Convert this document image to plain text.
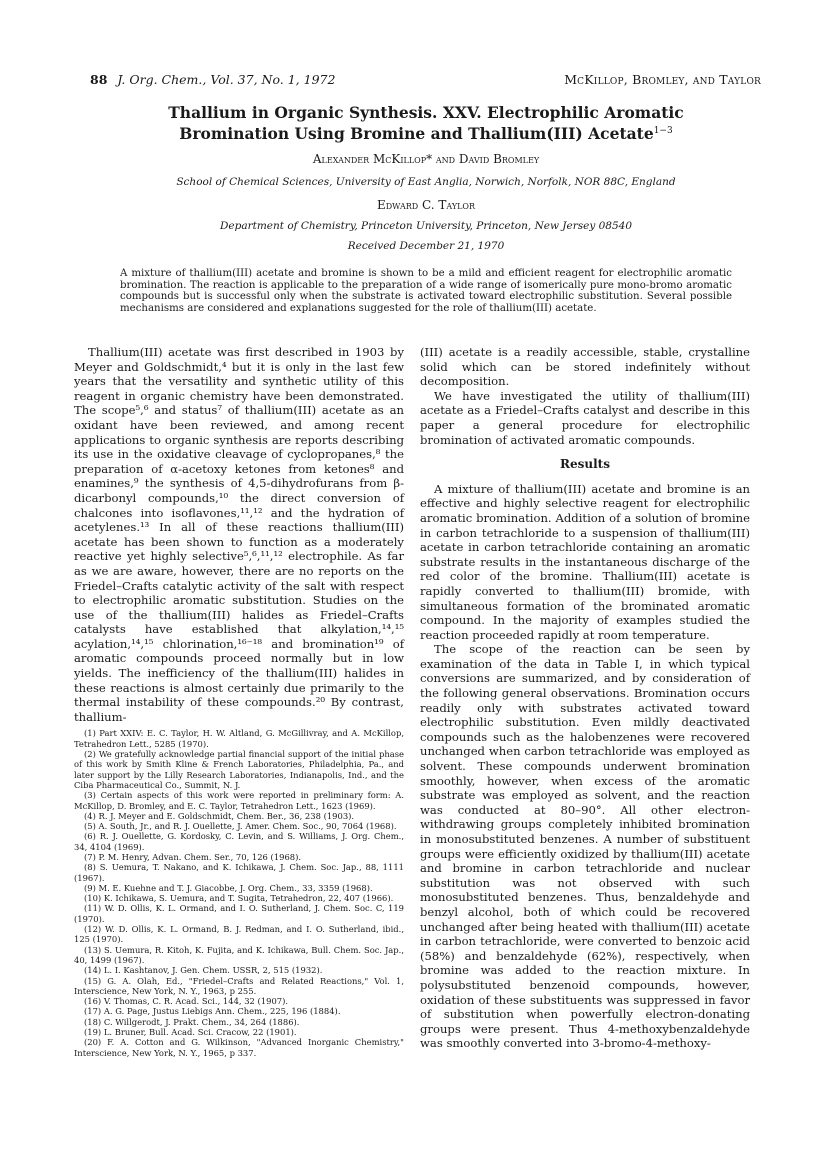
88 J. Org. Chem., Vol. 37, No. 1, 1972	McKillop, Bromley, and Taylor
Thallium in Organic Synthesis. XXV. Electrophilic Aromatic
Bromination Using Bromine and Thallium(III) Acetate$^{1-3}$
Alexander McKillop* and David Bromley
School of Chemical Sciences, University of East Anglia, Norwich, Norfolk, NOR 88C, England
Edward C. Taylor
Department of Chemistry, Princeton University, Princeton, New Jersey 08540
Received December 21, 1970
A mixture of thallium(III) acetate and bromine is shown to be a mild and efficient reagent for electrophilic aromatic bromination. The reaction is applicable to the preparation of a wide range of isomerically pure mono-bromo aromatic compounds but is successful only when the substrate is activated toward electrophilic substitution. Several possible mechanisms are considered and explanations suggested for the role of thallium(III) acetate.

Thallium(III) acetate was first described in 1903 by Meyer and Goldschmidt,⁴ but it is only in the last few years that the versatility and synthetic utility of this reagent in organic chemistry have been demonstrated. The scope⁵,⁶ and status⁷ of thallium(III) acetate as an oxidant have been reviewed, and among recent applications to organic synthesis are reports describing its use in the oxidative cleavage of cyclopropanes,⁸ the preparation of α-acetoxy ketones from ketones⁸ and enamines,⁹ the synthesis of 4,5-dihydrofurans from β-dicarbonyl compounds,¹⁰ the direct conversion of chalcones into isoflavones,¹¹,¹² and the hydration of acetylenes.¹³ In all of these reactions thallium(III) acetate has been shown to function as a moderately reactive yet highly selective⁵,⁶,¹¹,¹² electrophile. As far as we are aware, however, there are no reports on the Friedel–Crafts catalytic activity of the salt with respect to electrophilic aromatic substitution. Studies on the use of the thallium(III) halides as Friedel–Crafts catalysts have established that alkylation,¹⁴,¹⁵ acylation,¹⁴,¹⁵ chlorination,¹⁶⁻¹⁸ and bromination¹⁹ of aromatic compounds proceed normally but in low yields. The inefficiency of the thallium(III) halides in these reactions is almost certainly due primarily to the thermal instability of these compounds.²⁰ By contrast, thallium-

(1) Part XXIV: E. C. Taylor, H. W. Altland, G. McGillivray, and A. McKillop, Tetrahedron Lett., 5285 (1970).
(2) We gratefully acknowledge partial financial support of the initial phase of this work by Smith Kline & French Laboratories, Philadelphia, Pa., and later support by the Lilly Research Laboratories, Indianapolis, Ind., and the Ciba Pharmaceutical Co., Summit, N. J.
(3) Certain aspects of this work were reported in preliminary form: A. McKillop, D. Bromley, and E. C. Taylor, Tetrahedron Lett., 1623 (1969).
(4) R. J. Meyer and E. Goldschmidt, Chem. Ber., 36, 238 (1903).
(5) A. South, Jr., and R. J. Ouellette, J. Amer. Chem. Soc., 90, 7064 (1968).
(6) R. J. Ouellette, G. Kordosky, C. Levin, and S. Williams, J. Org. Chem., 34, 4104 (1969).
(7) P. M. Henry, Advan. Chem. Ser., 70, 126 (1968).
(8) S. Uemura, T. Nakano, and K. Ichikawa, J. Chem. Soc. Jap., 88, 1111 (1967).
(9) M. E. Kuehne and T. J. Giacobbe, J. Org. Chem., 33, 3359 (1968).
(10) K. Ichikawa, S. Uemura, and T. Sugita, Tetrahedron, 22, 407 (1966).
(11) W. D. Ollis, K. L. Ormand, and I. O. Sutherland, J. Chem. Soc. C, 119 (1970).
(12) W. D. Ollis, K. L. Ormand, B. J. Redman, and I. O. Sutherland, ibid., 125 (1970).
(13) S. Uemura, R. Kitoh, K. Fujita, and K. Ichikawa, Bull. Chem. Soc. Jap., 40, 1499 (1967).
(14) L. I. Kashtanov, J. Gen. Chem. USSR, 2, 515 (1932).
(15) G. A. Olah, Ed., "Friedel–Crafts and Related Reactions," Vol. 1, Interscience, New York, N. Y., 1963, p 255.
(16) V. Thomas, C. R. Acad. Sci., 144, 32 (1907).
(17) A. G. Page, Justus Liebigs Ann. Chem., 225, 196 (1884).
(18) C. Willgerodt, J. Prakt. Chem., 34, 264 (1886).
(19) L. Bruner, Bull. Acad. Sci. Cracow, 22 (1901).
(20) F. A. Cotton and G. Wilkinson, "Advanced Inorganic Chemistry," Interscience, New York, N. Y., 1965, p 337.

(III) acetate is a readily accessible, stable, crystalline solid which can be stored indefinitely without decomposition.

We have investigated the utility of thallium(III) acetate as a Friedel–Crafts catalyst and describe in this paper a general procedure for electrophilic bromination of activated aromatic compounds.

Results

A mixture of thallium(III) acetate and bromine is an effective and highly selective reagent for electrophilic aromatic bromination. Addition of a solution of bromine in carbon tetrachloride to a suspension of thallium(III) acetate in carbon tetrachloride containing an aromatic substrate results in the instantaneous discharge of the red color of the bromine. Thallium(III) acetate is rapidly converted to thallium(III) bromide, with simultaneous formation of the brominated aromatic compound. In the majority of examples studied the reaction proceeded rapidly at room temperature.

The scope of the reaction can be seen by examination of the data in Table I, in which typical conversions are summarized, and by consideration of the following general observations. Bromination occurs readily only with substrates activated toward electrophilic substitution. Even mildly deactivated compounds such as the halobenzenes were recovered unchanged when carbon tetrachloride was employed as solvent. These compounds underwent bromination smoothly, however, when excess of the aromatic substrate was employed as solvent, and the reaction was conducted at 80–90°. All other electron-withdrawing groups completely inhibited bromination in monosubstituted benzenes. A number of substituent groups were efficiently oxidized by thallium(III) acetate and bromine in carbon tetrachloride and nuclear substitution was not observed with such monosubstituted benzenes. Thus, benzaldehyde and benzyl alcohol, both of which could be recovered unchanged after being heated with thallium(III) acetate in carbon tetrachloride, were converted to benzoic acid (58%) and benzaldehyde (62%), respectively, when bromine was added to the reaction mixture. In polysubstituted benzenoid compounds, however, oxidation of these substituents was suppressed in favor of substitution when powerfully electron-donating groups were present. Thus 4-methoxybenzaldehyde was smoothly converted into 3-bromo-4-methoxy-
